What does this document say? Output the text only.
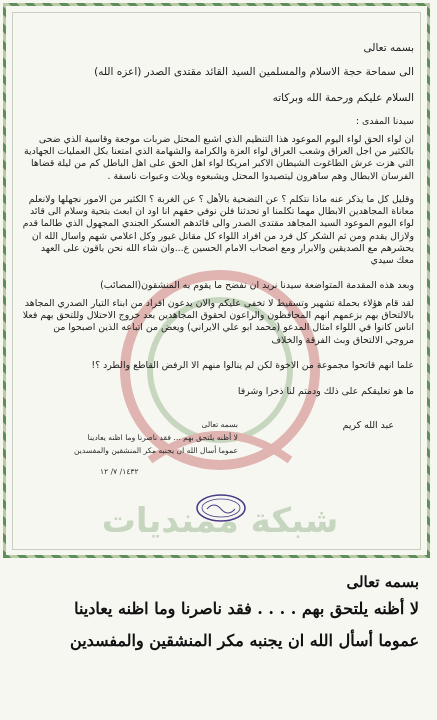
شبكة ممنديات

بسمه تعالى

الى سماحة حجة الاسلام والمسلمين السيد القائد مقتدى الصدر (اعزه الله)

السلام عليكم ورحمة الله وبركاته

سيدنا المفدى :

ان لواء الحق لواء اليوم الموعود هذا التنظيم الذي اشبع المحتل ضربات موجعة وقاسية الذي ضحى بالكثير من اجل العراق وشعب العراق لواء العزة والكرامة والشهامة الذي امتعنا بكل العمليات الجهادية التي هزت عرش الطاغوت الشيطان الاكبر امريكا لواء اهل الحق على اهل الباطل كم من ليلة قضاها الفرسان الابطال وهم ساهرون ليتصيدوا المحتل ويشبعوه ويلات وعبوات ناسفة .

وقليل كل ما يذكر عنه ماذا نتكلم ؟ عن التضحية بالأهل ؟ عن الغربة ؟ الكثير من الامور نجهلها ولانعلم معاناة المجاهدين الابطال مهما تكلمنا او تحدثنا فلن نوفي حقهم انا اود ان ابعث بتحية وسلام الى قائد لواء اليوم الموعود السيد المجاهد مقتدى الصدر والى قائدهم العسكر الجندي المجهول الذي طالما قدم ولازال يقدم ومن ثم الشكر كل فرد من افراد اللواء كل مقاتل غيور وكل اعلامي شهم واسال الله ان يحشرهم مع الصديقين والابرار ومع اصحاب الامام الحسين ع...وان شاء الله نحن باقون على العهد معك سيدي

وبعد هذه المقدمة المتواضعة سيدنا نريد ان نفضح ما يقوم به المنشقون(المصائب)

لقد قام هؤلاء بحملة تشهير وتسقيط لا تخفى عليكم والان يدعون افراد من ابناء التيار الصدري المجاهد بالالتحاق بهم بزعمهم انهم المحافظون والراعون لحقوق المجاهدين بعد خروج الاحتلال وللتحق بهم فعلا اناس كانوا في اللواء امثال المدعو (محمد ابو علي الايراني) ويعض من اتباعه الذين اصبحوا من مروجي الالتحاق وبث الفرقة والخلاف

علما انهم قاتحوا مجموعة من الاخوة لكن لم ينالوا منهم الا الرفض القاطع والطرد ؟!

ما هو تعليقكم على ذلك ودمتم لنا ذخرا وشرفا

عبد الله كريم

بسمه تعالى
لا أظنه يلتحق بهم ... فقد ناصرنا وما اظنه يعادينا
عموما أسال الله ان يجنبه مكر المنشقين والمفسدين
١٤٣٢/ ٧/ ١٢
بسمه تعالى
لا أظنه يلتحق بهم . . . . فقد ناصرنا وما اظنه يعادينا
عموما أسأل الله ان يجنبه مكر المنشقين والمفسدين
